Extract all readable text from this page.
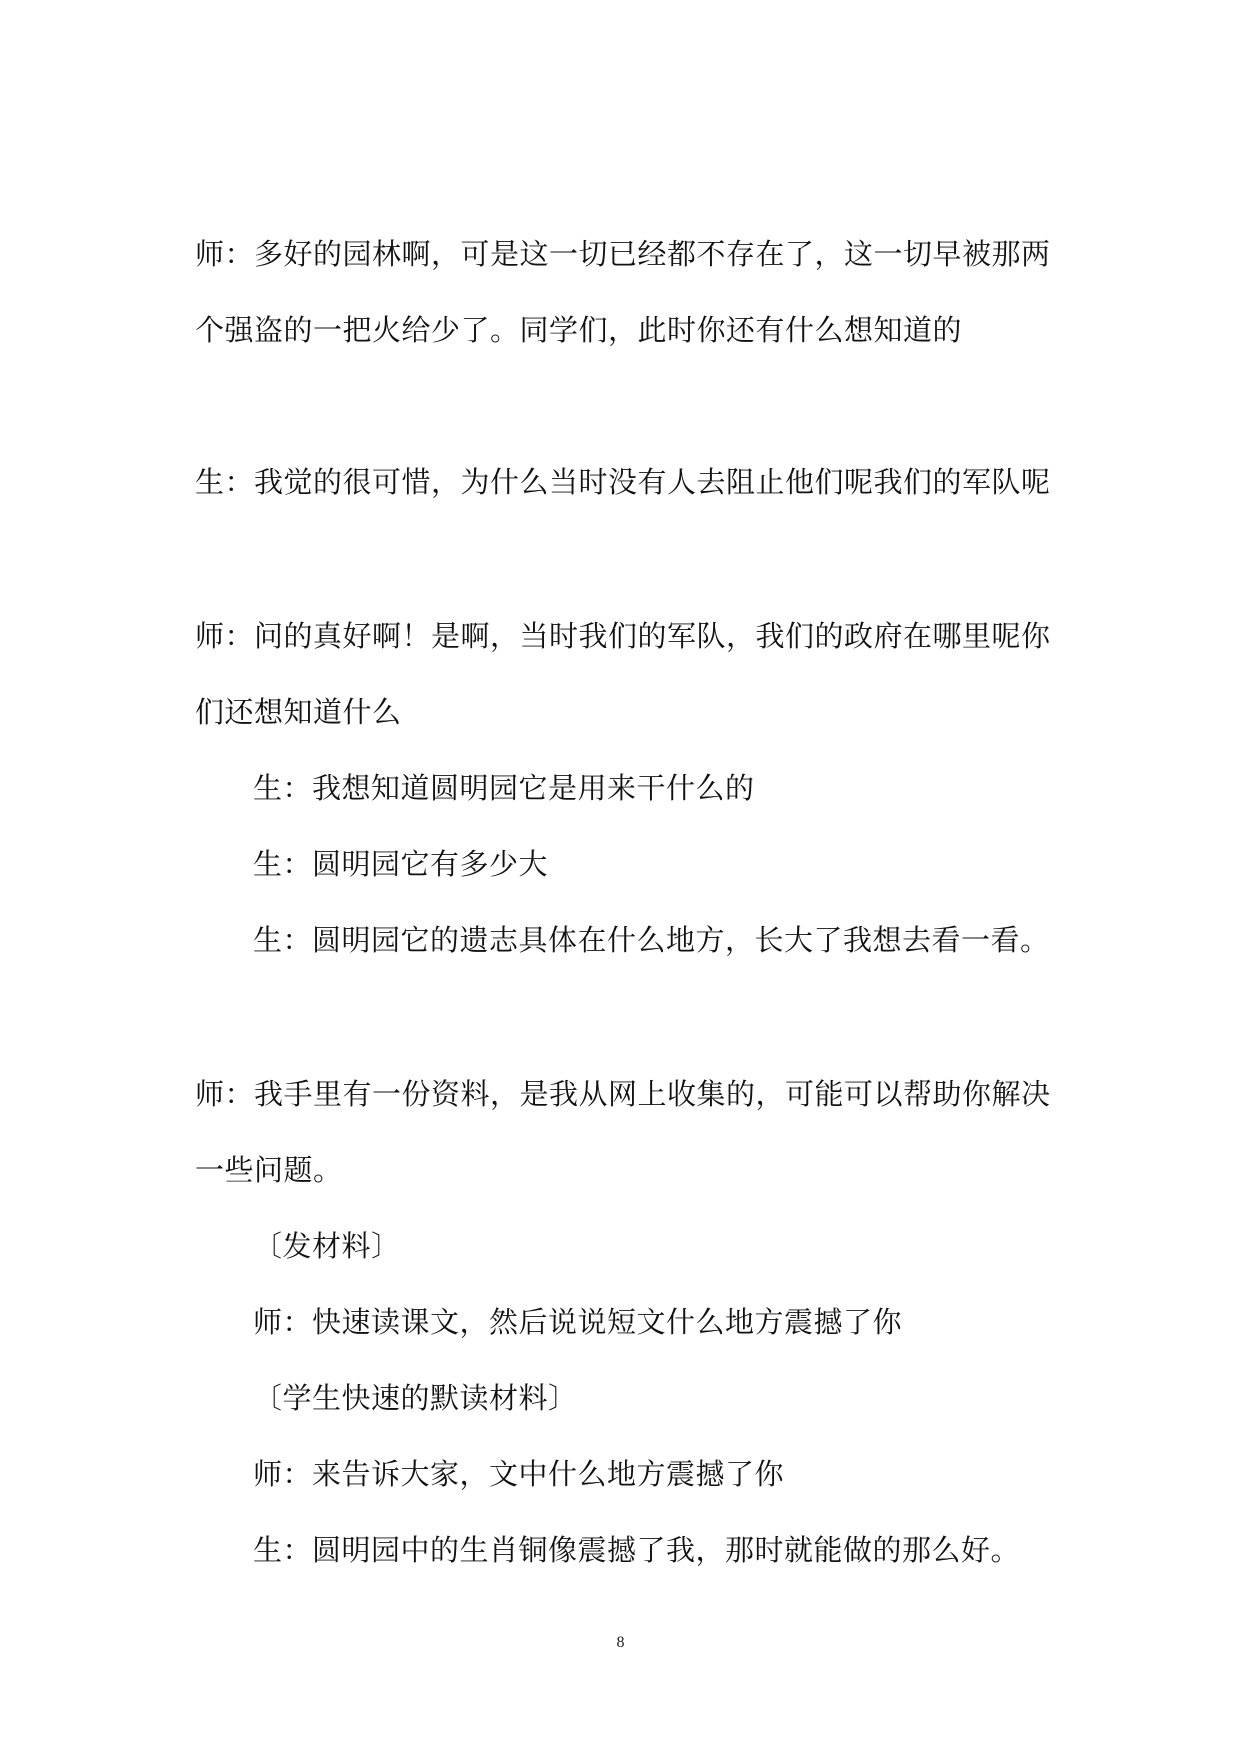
师：多好的园林啊，可是这一切已经都不存在了，这一切早被那两
个强盗的一把火给少了。同学们，此时你还有什么想知道的
生：我觉的很可惜，为什么当时没有人去阻止他们呢我们的军队呢
师：问的真好啊！是啊，当时我们的军队，我们的政府在哪里呢你
们还想知道什么
生：我想知道圆明园它是用来干什么的
生：圆明园它有多少大
生：圆明园它的遗志具体在什么地方，长大了我想去看一看。
师：我手里有一份资料，是我从网上收集的，可能可以帮助你解决
一些问题。
〔发材料〕
师：快速读课文，然后说说短文什么地方震撼了你
〔学生快速的默读材料〕
师：来告诉大家，文中什么地方震撼了你
生：圆明园中的生肖铜像震撼了我，那时就能做的那么好。
8
